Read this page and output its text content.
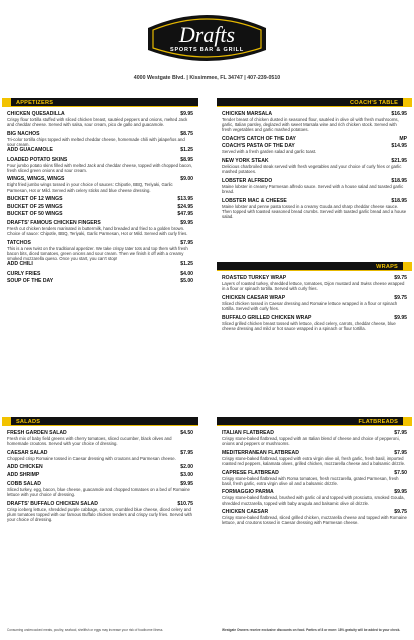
Drafts
SPORTS BAR & GRILL
4000 Westgate Blvd. | Kissimmee, FL 34747 | 407-239-0510
APPETIZERS
CHICKEN QUESADILLA	$9.95
Crispy flour tortilla stuffed with sliced chicken breast, sautéed peppers and onions, melted Jack and cheddar cheese. Served with salsa, sour cream, pico de gallo and guacamole.
BIG NACHOS	$8.75
Tri-color tortilla chips topped with melted cheddar cheese, homemade chili with jalapeños and sour cream.
ADD GUACAMOLE	$1.25
LOADED POTATO SKINS	$8.95
Four jumbo potato skins filled with melted Jack and cheddar cheese, topped with chopped bacon, fresh sliced green onions and sour cream.
WINGS, WINGS, WINGS	$9.00
Eight fried jumbo wings tossed in your choice of sauces: Chipotle, BBQ, Teriyaki, Garlic Parmesan, Hot or Mild. Served with celery sticks and blue cheese dressing.
BUCKET OF 12 WINGS	$13.95
BUCKET OF 25 WINGS	$24.95
BUCKET OF 50 WINGS	$47.95
DRAFTS' FAMOUS CHICKEN FINGERS	$9.95
Fresh cut chicken tenders marinated in buttermilk, hand breaded and fried to a golden brown. Choice of sauce: Chipotle, BBQ, Teriyaki, Garlic Parmesan, Hot or Mild. Served with curly fries.
TATCHOS	$7.95
This is a new twist on the traditional appetizer. We take crispy tater tots and top them with fresh bacon bits, diced tomatoes, green onions and sour cream. Then we finish it off with a creamy smoked mozzarella queso. Once you start, you can't stop!
ADD CHILI	$1.25
CURLY FRIES	$4.00
SOUP OF THE DAY	$5.00
SALADS
FRESH GARDEN SALAD	$4.50
Fresh mix of baby field greens with cherry tomatoes, sliced cucumber, black olives and homemade croutons. Served with your choice of dressing.
CAESAR SALAD	$7.95
Chopped crisp Romaine tossed in Caesar dressing with croutons and Parmesan cheese.
ADD CHICKEN	$2.00
ADD SHRIMP	$3.00
COBB SALAD	$9.95
Sliced turkey, egg, bacon, blue cheese, guacamole and chopped tomatoes on a bed of Romaine lettuce with your choice of dressing.
DRAFTS' BUFFALO CHICKEN SALAD	$10.75
Crisp iceberg lettuce, shredded purple cabbage, carrots, crumbled blue cheese, diced celery and plum tomatoes topped with our famous Buffalo chicken tenders and crispy curly fries. Served with your choice of dressing.
COACH'S TABLE
CHICKEN MARSALA	$16.95
Tender breast of chicken dusted in seasoned flour, sautéed in olive oil with fresh mushrooms, garlic, Italian parsley, deglazed with sweet Marsala wine and rich chicken stock. Served with fresh vegetables and garlic mashed potatoes.
COACH'S CATCH OF THE DAY	MP
COACH'S PASTA OF THE DAY	$14.95
Served with a fresh garden salad and garlic toast.
NEW YORK STEAK	$21.95
Delicious charbroiled steak served with fresh vegetables and your choice of curly fries or garlic mashed potatoes.
LOBSTER ALFREDO	$18.95
Maine lobster in creamy Parmesan alfredo sauce. Served with a house salad and toasted garlic bread.
LOBSTER MAC & CHEESE	$18.95
Maine lobster and penne pasta tossed in a creamy Gouda and sharp cheddar cheese sauce. Then topped with toasted seasoned bread crumbs. Served with toasted garlic bread and a house salad.
WRAPS
ROASTED TURKEY WRAP	$9.75
Layers of roasted turkey, shredded lettuce, tomatoes, Dijon mustard and Swiss cheese wrapped in a flour or spinach tortilla. Served with curly fries.
CHICKEN CAESAR WRAP	$9.75
Sliced chicken tossed in Caesar dressing and Romaine lettuce wrapped in a flour or spinach tortilla. Served with curly fries.
BUFFALO GRILLED CHICKEN WRAP	$9.95
Sliced grilled chicken breast tossed with lettuce, diced celery, carrots, cheddar cheese, blue cheese dressing and mild or hot sauce wrapped in a spinach or flour tortilla.
FLATBREADS
ITALIAN FLATBREAD	$7.95
Crispy stone-baked flatbread, topped with an Italian blend of cheese and choice of pepperoni, onions and peppers or mushrooms.
MEDITERRANEAN FLATBREAD	$7.95
Crispy stone-baked flatbread, topped with extra virgin olive oil, fresh garlic, fresh basil, imported roasted red peppers, kalamata olives, grilled chicken, mozzarella cheese and a balsamic drizzle.
CAPRESE FLATBREAD	$7.50
Crispy stone-baked flatbread with Roma tomatoes, fresh mozzarella, grated Parmesan, fresh basil, fresh garlic, extra virgin olive oil and a balsamic drizzle.
FORMAGGIO PARMA	$9.95
Crispy stone-baked flatbread, brushed with garlic oil and topped with prosciutto, smoked Gouda, shredded mozzarella, topped with baby arugula and balsamic olive oil drizzle.
CHICKEN CAESAR	$9.75
Crispy stone-baked flatbread, sliced grilled chicken, mozzarella cheese and topped with Romaine lettuce, and croutons tossed in Caesar dressing with Parmesan cheese.
Consuming undercooked meats, poultry, seafood, shellfish or eggs may increase your risk of foodborne illness.	Westgate Owners receive exclusive discounts on food. Parties of 8 or more: 18% gratuity will be added to your check.
